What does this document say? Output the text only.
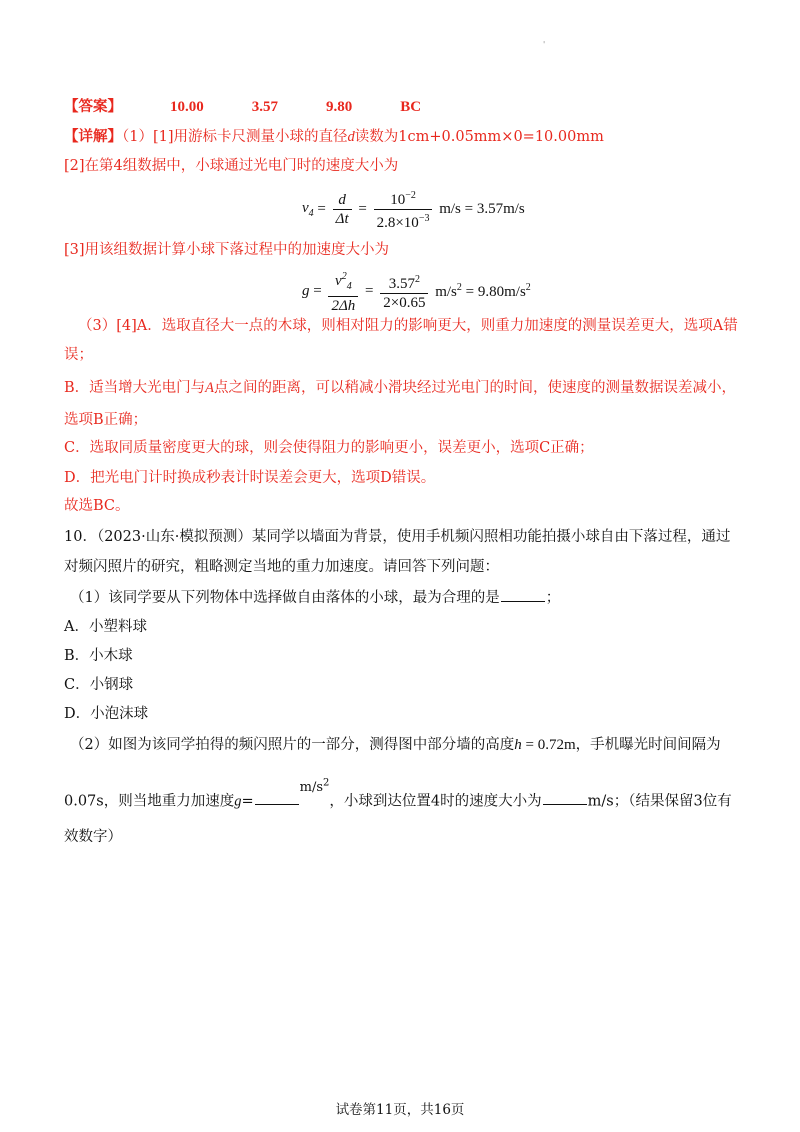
'
【答案】	10.00	3.57	9.80	BC
【详解】（1）[1]用游标卡尺测量小球的直径d读数为1cm+0.05mm×0=10.00mm
[2]在第4组数据中，小球通过光电门时的速度大小为
$v_4 = \frac{d}{\Delta t} = \frac{10^{-2}}{2.8\times 10^{-3}} m/s = 3.57m/s$
[3]用该组数据计算小球下落过程中的加速度大小为
$g = \frac{v^2_4}{2\Delta h} = \frac{3.57^2}{2\times 0.65} m/s^2 = 9.80m/s^2$
（3）[4]A．选取直径大一点的木球，则相对阻力的影响更大，则重力加速度的测量误差更大，选项A错
误；
B．适当增大光电门与A点之间的距离，可以稍减小滑块经过光电门的时间，使速度的测量数据误差减小，
选项B正确；
C．选取同质量密度更大的球，则会使得阻力的影响更小，误差更小，选项C正确；
D．把光电门计时换成秒表计时误差会更大，选项D错误。
故选BC。
10．（2023·山东·模拟预测）某同学以墙面为背景，使用手机频闪照相功能拍摄小球自由下落过程，通过
对频闪照片的研究，粗略测定当地的重力加速度。请回答下列问题：
（1）该同学要从下列物体中选择做自由落体的小球，最为合理的是	；
A．小塑料球
B．小木球
C．小钢球
D．小泡沫球
（2）如图为该同学拍得的频闪照片的一部分，测得图中部分墙的高度h = 0.72m，手机曝光时间间隔为
0.07s，则当地重力加速度$g=m/s^2$，小球到达位置4时的速度大小为	m/s；（结果保留3位有
效数字）
试卷第11页，共16页
